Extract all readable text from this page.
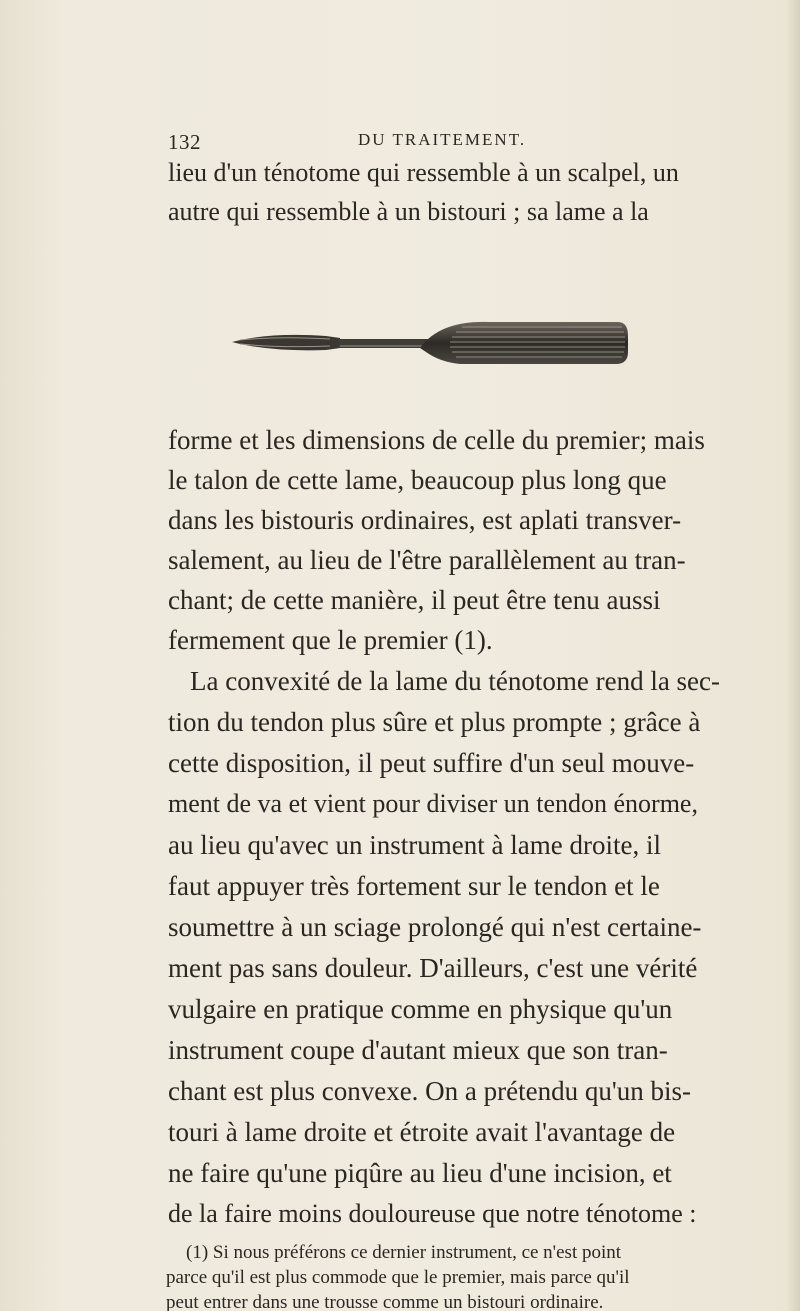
132	DU TRAITEMENT.
lieu d'un ténotome qui ressemble à un scalpel, un
autre qui ressemble à un bistouri ; sa lame a la
forme et les dimensions de celle du premier; mais
le talon de cette lame, beaucoup plus long que
dans les bistouris ordinaires, est aplati transver-
salement, au lieu de l'être parallèlement au tran-
chant; de cette manière, il peut être tenu aussi
fermement que le premier (1).
La convexité de la lame du ténotome rend la sec-
tion du tendon plus sûre et plus prompte ; grâce à
cette disposition, il peut suffire d'un seul mouve-
ment de va et vient pour diviser un tendon énorme,
au lieu qu'avec un instrument à lame droite, il
faut appuyer très fortement sur le tendon et le
soumettre à un sciage prolongé qui n'est certaine-
ment pas sans douleur. D'ailleurs, c'est une vérité
vulgaire en pratique comme en physique qu'un
instrument coupe d'autant mieux que son tran-
chant est plus convexe. On a prétendu qu'un bis-
touri à lame droite et étroite avait l'avantage de
ne faire qu'une piqûre au lieu d'une incision, et
de la faire moins douloureuse que notre ténotome :
(1) Si nous préférons ce dernier instrument, ce n'est point
parce qu'il est plus commode que le premier, mais parce qu'il
peut entrer dans une trousse comme un bistouri ordinaire.
